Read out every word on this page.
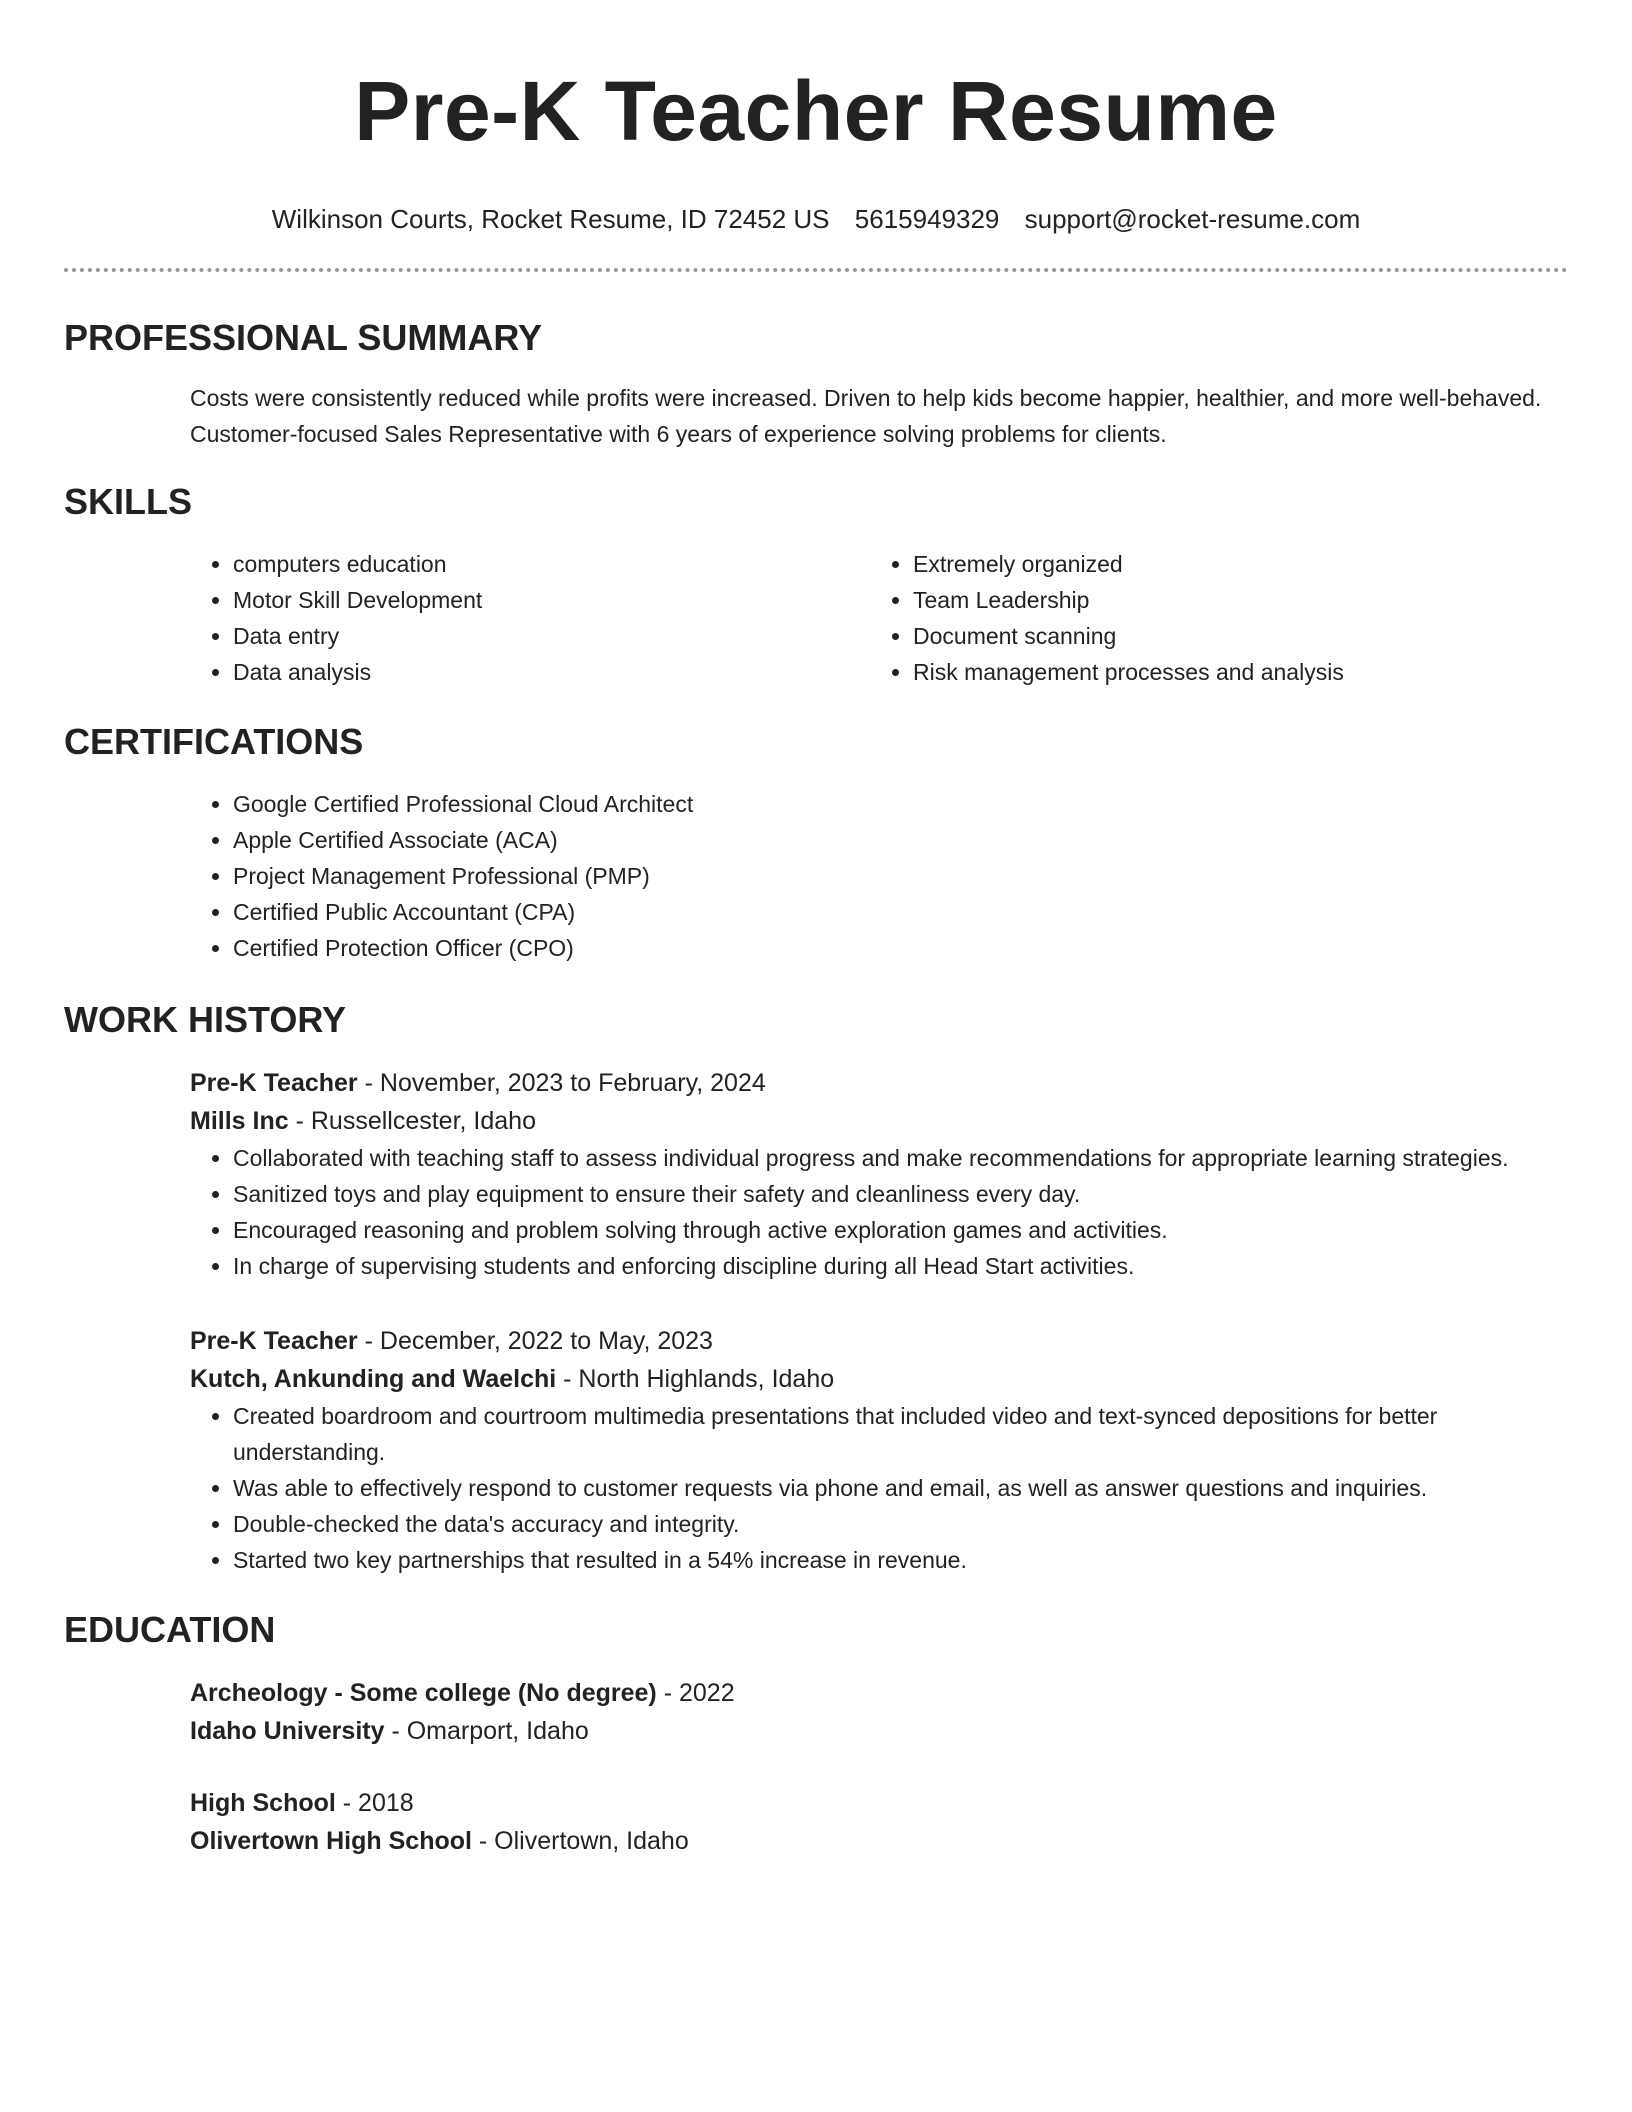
Pre-K Teacher Resume
Wilkinson Courts, Rocket Resume, ID 72452 US 5615949329 support@rocket-resume.com
PROFESSIONAL SUMMARY

Costs were consistently reduced while profits were increased. Driven to help kids become happier, healthier, and more well-behaved. Customer-focused Sales Representative with 6 years of experience solving problems for clients.

SKILLS
• computers education
• Motor Skill Development
• Data entry
• Data analysis
• Extremely organized
• Team Leadership
• Document scanning
• Risk management processes and analysis
CERTIFICATIONS
• Google Certified Professional Cloud Architect
• Apple Certified Associate (ACA)
• Project Management Professional (PMP)
• Certified Public Accountant (CPA)
• Certified Protection Officer (CPO)
WORK HISTORY
Pre-K Teacher - November, 2023 to February, 2024
Mills Inc - Russellcester, Idaho
• Collaborated with teaching staff to assess individual progress and make recommendations for appropriate learning strategies.
• Sanitized toys and play equipment to ensure their safety and cleanliness every day.
• Encouraged reasoning and problem solving through active exploration games and activities.
• In charge of supervising students and enforcing discipline during all Head Start activities.
Pre-K Teacher - December, 2022 to May, 2023
Kutch, Ankunding and Waelchi - North Highlands, Idaho
• Created boardroom and courtroom multimedia presentations that included video and text-synced depositions for better understanding.
• Was able to effectively respond to customer requests via phone and email, as well as answer questions and inquiries.
• Double-checked the data's accuracy and integrity.
• Started two key partnerships that resulted in a 54% increase in revenue.
EDUCATION
Archeology - Some college (No degree) - 2022
Idaho University - Omarport, Idaho
High School - 2018
Olivertown High School - Olivertown, Idaho
